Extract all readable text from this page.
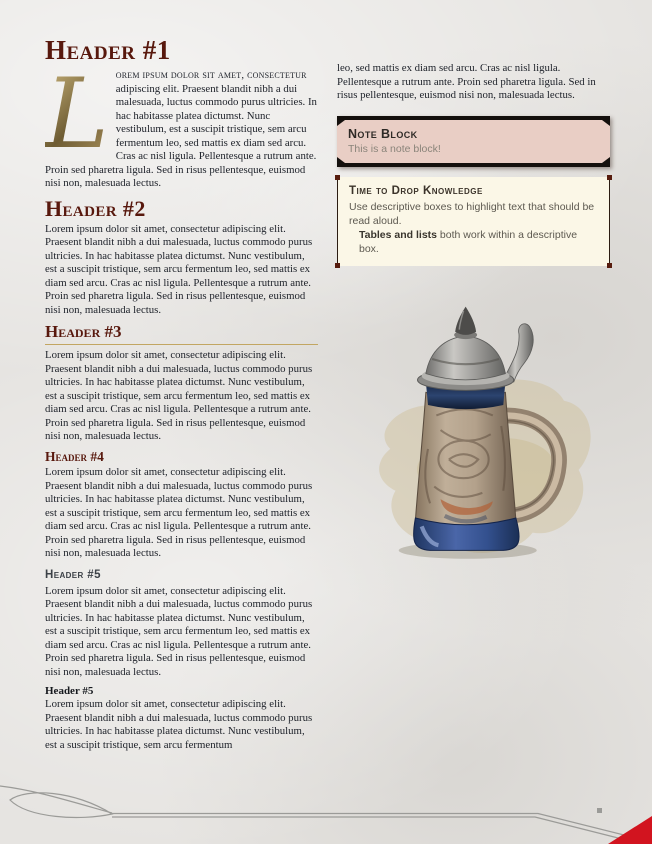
Header #1

L orem ipsum dolor sit amet, consectetur adipiscing elit. Praesent blandit nibh a dui malesuada, luctus commodo purus ultricies. In hac habitasse platea dictumst. Nunc vestibulum, est a suscipit tristique, sem arcu fermentum leo, sed mattis ex diam sed arcu. Cras ac nisl ligula. Pellentesque a rutrum ante. Proin sed pharetra ligula. Sed in risus pellentesque, euismod nisi non, malesuada lectus.

Header #2

Lorem ipsum dolor sit amet, consectetur adipiscing elit. Praesent blandit nibh a dui malesuada, luctus commodo purus ultricies. In hac habitasse platea dictumst. Nunc vestibulum, est a suscipit tristique, sem arcu fermentum leo, sed mattis ex diam sed arcu. Cras ac nisl ligula. Pellentesque a rutrum ante. Proin sed pharetra ligula. Sed in risus pellentesque, euismod nisi non, malesuada lectus.

Header #3

Lorem ipsum dolor sit amet, consectetur adipiscing elit. Praesent blandit nibh a dui malesuada, luctus commodo purus ultricies. In hac habitasse platea dictumst. Nunc vestibulum, est a suscipit tristique, sem arcu fermentum leo, sed mattis ex diam sed arcu. Cras ac nisl ligula. Pellentesque a rutrum ante. Proin sed pharetra ligula. Sed in risus pellentesque, euismod nisi non, malesuada lectus.

Header #4

Lorem ipsum dolor sit amet, consectetur adipiscing elit. Praesent blandit nibh a dui malesuada, luctus commodo purus ultricies. In hac habitasse platea dictumst. Nunc vestibulum, est a suscipit tristique, sem arcu fermentum leo, sed mattis ex diam sed arcu. Cras ac nisl ligula. Pellentesque a rutrum ante. Proin sed pharetra ligula. Sed in risus pellentesque, euismod nisi non, malesuada lectus.

Header #5

Lorem ipsum dolor sit amet, consectetur adipiscing elit. Praesent blandit nibh a dui malesuada, luctus commodo purus ultricies. In hac habitasse platea dictumst. Nunc vestibulum, est a suscipit tristique, sem arcu fermentum leo, sed mattis ex diam sed arcu. Cras ac nisl ligula. Pellentesque a rutrum ante. Proin sed pharetra ligula. Sed in risus pellentesque, euismod nisi non, malesuada lectus.

Header #5

Lorem ipsum dolor sit amet, consectetur adipiscing elit. Praesent blandit nibh a dui malesuada, luctus commodo purus ultricies. In hac habitasse platea dictumst. Nunc vestibulum, est a suscipit tristique, sem arcu fermentum

leo, sed mattis ex diam sed arcu. Cras ac nisl ligula. Pellentesque a rutrum ante. Proin sed pharetra ligula. Sed in risus pellentesque, euismod nisi non, malesuada lectus.

Note Block

This is a note block!

Time to Drop Knowledge

Use descriptive boxes to highlight text that should be read aloud.

Tables and lists both work within a descriptive box.
